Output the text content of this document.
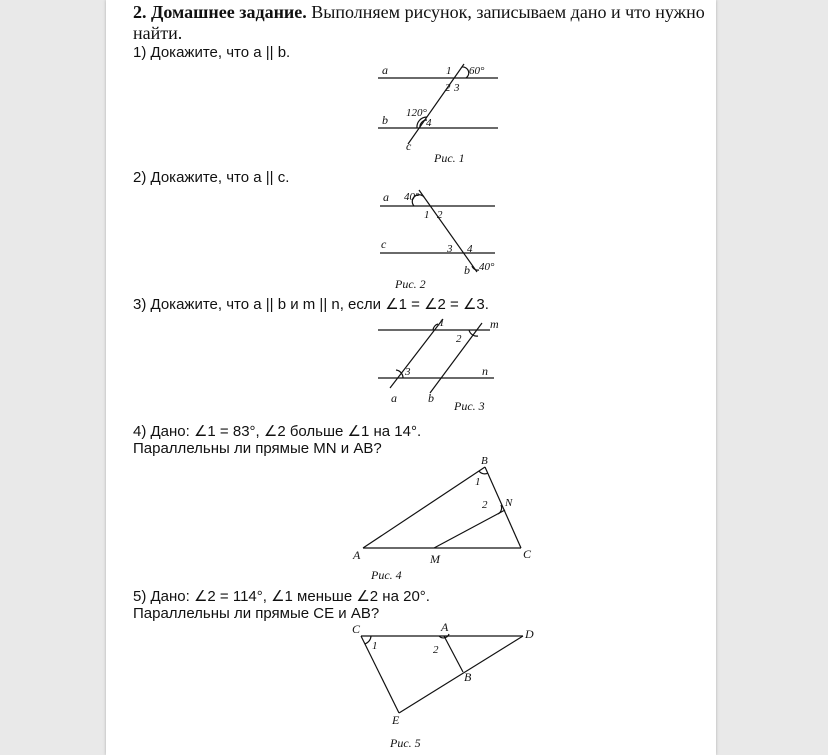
2. Домашнее задание. Выполняем рисунок, записываем дано и что нужно
найти.
1) Докажите, что a || b.
2) Докажите, что a || c.
3) Докажите, что a || b и m || n, если ∠1 = ∠2 = ∠3.
4) Дано: ∠1 = 83°, ∠2 больше ∠1 на 14°.
Параллельны ли прямые MN и AB?
5) Дано: ∠2 = 114°, ∠1 меньше ∠2 на 20°.
Параллельны ли прямые CE и AB?
a
b
c
1 60°
2 3
120°
4
Рис. 1
a
c
b
40°
1 2
3 4
40°
Рис. 2
1	m
2
n
3
a	b
Рис. 3
B
1
2 N
A	M	C
Рис. 4
C	A	D
1	2
B
E
Рис. 5
